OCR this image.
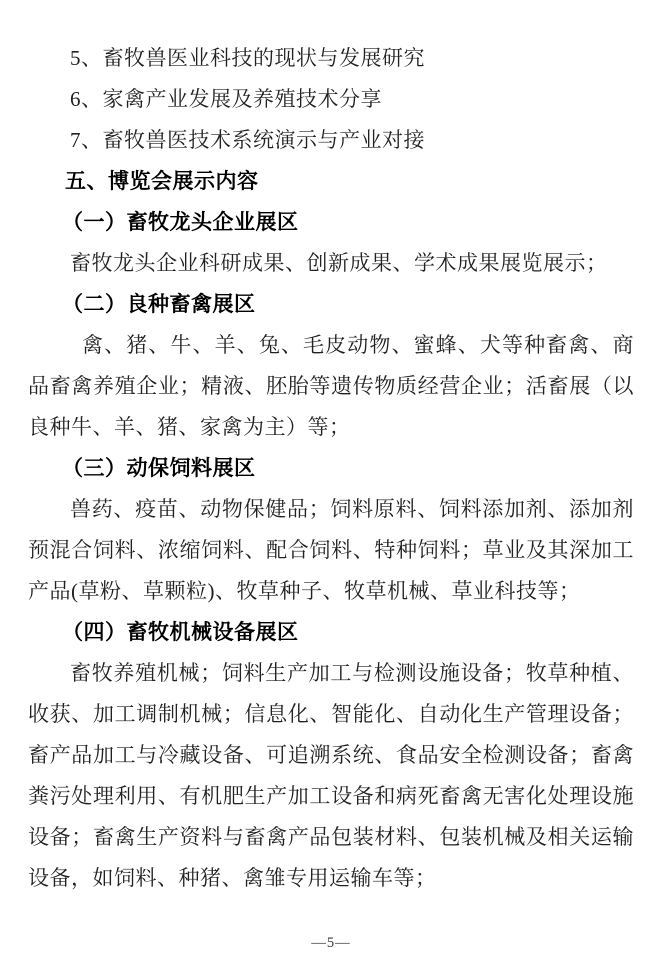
5、畜牧兽医业科技的现状与发展研究
6、家禽产业发展及养殖技术分享
7、畜牧兽医技术系统演示与产业对接
五、博览会展示内容
（一）畜牧龙头企业展区
畜牧龙头企业科研成果、创新成果、学术成果展览展示；
（二）良种畜禽展区
禽、猪、牛、羊、兔、毛皮动物、蜜蜂、犬等种畜禽、商品畜禽养殖企业；精液、胚胎等遗传物质经营企业；活畜展（以良种牛、羊、猪、家禽为主）等；
（三）动保饲料展区
兽药、疫苗、动物保健品；饲料原料、饲料添加剂、添加剂预混合饲料、浓缩饲料、配合饲料、特种饲料；草业及其深加工产品(草粉、草颗粒)、牧草种子、牧草机械、草业科技等；
（四）畜牧机械设备展区
畜牧养殖机械；饲料生产加工与检测设施设备；牧草种植、收获、加工调制机械；信息化、智能化、自动化生产管理设备；畜产品加工与冷藏设备、可追溯系统、食品安全检测设备；畜禽粪污处理利用、有机肥生产加工设备和病死畜禽无害化处理设施设备；畜禽生产资料与畜禽产品包装材料、包装机械及相关运输设备，如饲料、种猪、禽雏专用运输车等；
—5—
